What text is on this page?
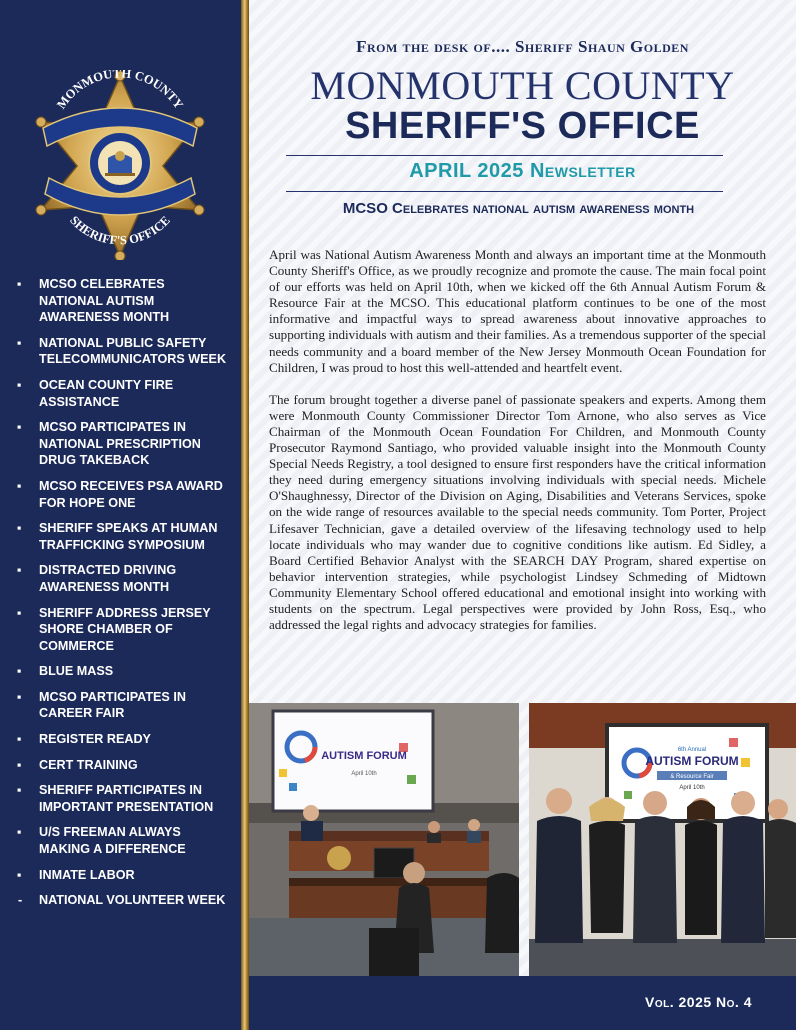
MONMOUTH COUNTY
SHERIFF'S OFFICE
▪ MCSO CELEBRATES NATIONAL AUTISM AWARENESS MONTH
▪ NATIONAL PUBLIC SAFETY TELECOMMUNICATORS WEEK
▪ OCEAN COUNTY FIRE ASSISTANCE
▪ MCSO PARTICIPATES IN NATIONAL PRESCRIPTION DRUG TAKEBACK
▪ MCSO RECEIVES PSA AWARD FOR HOPE ONE
▪ SHERIFF SPEAKS AT HUMAN TRAFFICKING SYMPOSIUM
▪ DISTRACTED DRIVING AWARENESS MONTH
▪ SHERIFF ADDRESS JERSEY SHORE CHAMBER OF COMMERCE
▪ BLUE MASS
▪ MCSO PARTICIPATES IN CAREER FAIR
▪ REGISTER READY
▪ CERT TRAINING
▪ SHERIFF PARTICIPATES IN IMPORTANT PRESENTATION
▪ U/S FREEMAN ALWAYS MAKING A DIFFERENCE
▪ INMATE LABOR
- NATIONAL VOLUNTEER WEEK
From the desk of.... Sheriff Shaun Golden
MONMOUTH COUNTY
SHERIFF'S OFFICE
APRIL 2025 Newsletter
MCSO Celebrates national autism awareness month

April was National Autism Awareness Month and always an important time at the Monmouth County Sheriff's Office, as we proudly recognize and promote the cause. The main focal point of our efforts was held on April 10th, when we kicked off the 6th Annual Autism Forum & Resource Fair at the MCSO. This educational platform continues to be one of the most informative and impactful ways to spread awareness about innovative approaches to supporting individuals with autism and their families. As a tremendous supporter of the special needs community and a board member of the New Jersey Monmouth Ocean Foundation for Children, I was proud to host this well-attended and heartfelt event.

The forum brought together a diverse panel of passionate speakers and experts. Among them were Monmouth County Commissioner Director Tom Arnone, who also serves as Vice Chairman of the Monmouth Ocean Foundation For Children, and Monmouth County Prosecutor Raymond Santiago, who provided valuable insight into the Monmouth County Special Needs Registry, a tool designed to ensure first responders have the critical information they need during emergency situations involving individuals with special needs. Michele O'Shaughnessy, Director of the Division on Aging, Disabilities and Veterans Services, spoke on the wide range of resources available to the special needs community. Tom Porter, Project Lifesaver Technician, gave a detailed overview of the lifesaving technology used to help locate individuals who may wander due to cognitive conditions like autism. Ed Sidley, a Board Certified Behavior Analyst with the SEARCH DAY Program, shared expertise on behavior intervention strategies, while psychologist Lindsey Schmeding of Midtown Community Elementary School offered educational and emotional insight into working with students on the spectrum. Legal perspectives were provided by John Ross, Esq., who addressed the legal rights and advocacy strategies for families.

AUTISM FORUM
April 10th
6th Annual
AUTISM FORUM
& Resource Fair
April 10th
Vol. 2025 No. 4
